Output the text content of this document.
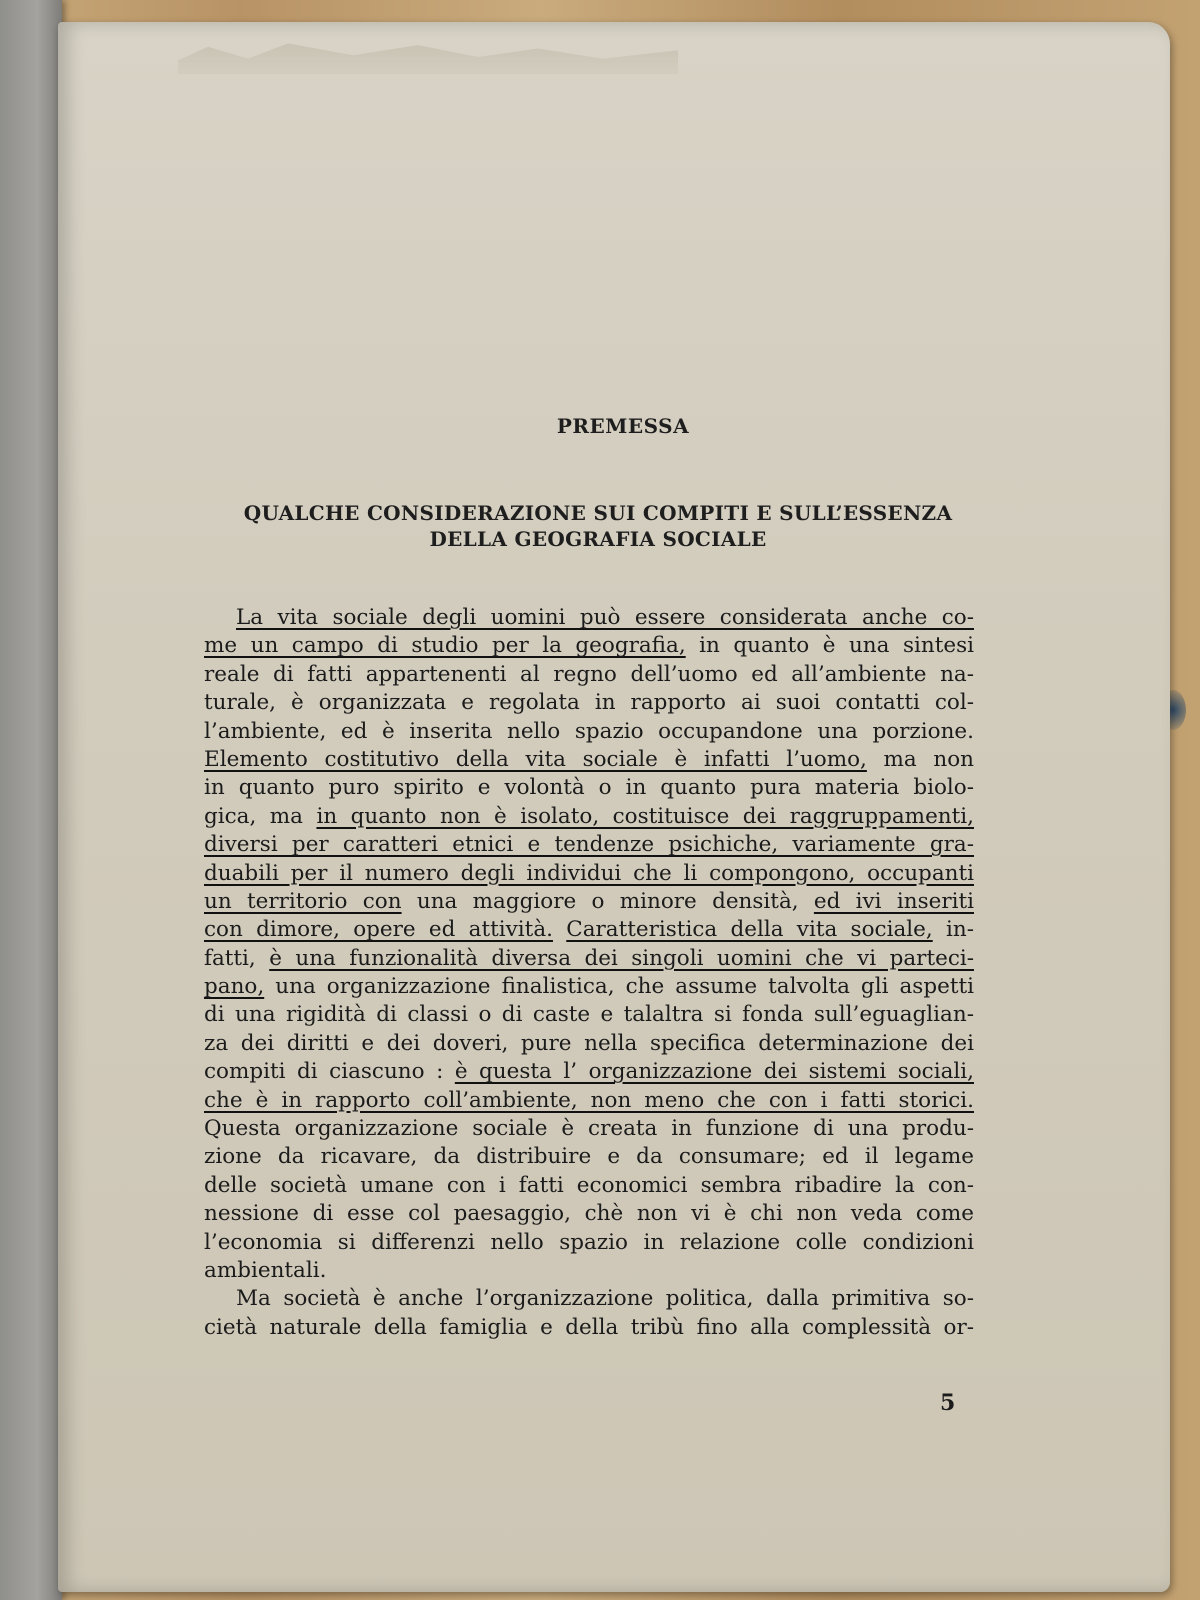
PREMESSA
QUALCHE CONSIDERAZIONE SUI COMPITI E SULL’ESSENZA
DELLA GEOGRAFIA SOCIALE
La vita sociale degli uomini può essere considerata anche co-
me un campo di studio per la geografia, in quanto è una sintesi
reale di fatti appartenenti al regno dell’uomo ed all’ambiente na-
turale, è organizzata e regolata in rapporto ai suoi contatti col-
l’ambiente, ed è inserita nello spazio occupandone una porzione.
Elemento costitutivo della vita sociale è infatti l’uomo, ma non
in quanto puro spirito e volontà o in quanto pura materia biolo-
gica, ma in quanto non è isolato, costituisce dei raggruppamenti,
diversi per caratteri etnici e tendenze psichiche, variamente gra-
duabili per il numero degli individui che li compongono, occupanti
un territorio con una maggiore o minore densità, ed ivi inseriti
con dimore, opere ed attività. Caratteristica della vita sociale, in-
fatti, è una funzionalità diversa dei singoli uomini che vi parteci-
pano, una organizzazione finalistica, che assume talvolta gli aspetti
di una rigidità di classi o di caste e talaltra si fonda sull’eguaglian-
za dei diritti e dei doveri, pure nella specifica determinazione dei
compiti di ciascuno : è questa l’ organizzazione dei sistemi sociali,
che è in rapporto coll’ambiente, non meno che con i fatti storici.
Questa organizzazione sociale è creata in funzione di una produ-
zione da ricavare, da distribuire e da consumare; ed il legame
delle società umane con i fatti economici sembra ribadire la con-
nessione di esse col paesaggio, chè non vi è chi non veda come
l’economia si differenzi nello spazio in relazione colle condizioni
ambientali.
Ma società è anche l’organizzazione politica, dalla primitiva so-
cietà naturale della famiglia e della tribù fino alla complessità or-
5
